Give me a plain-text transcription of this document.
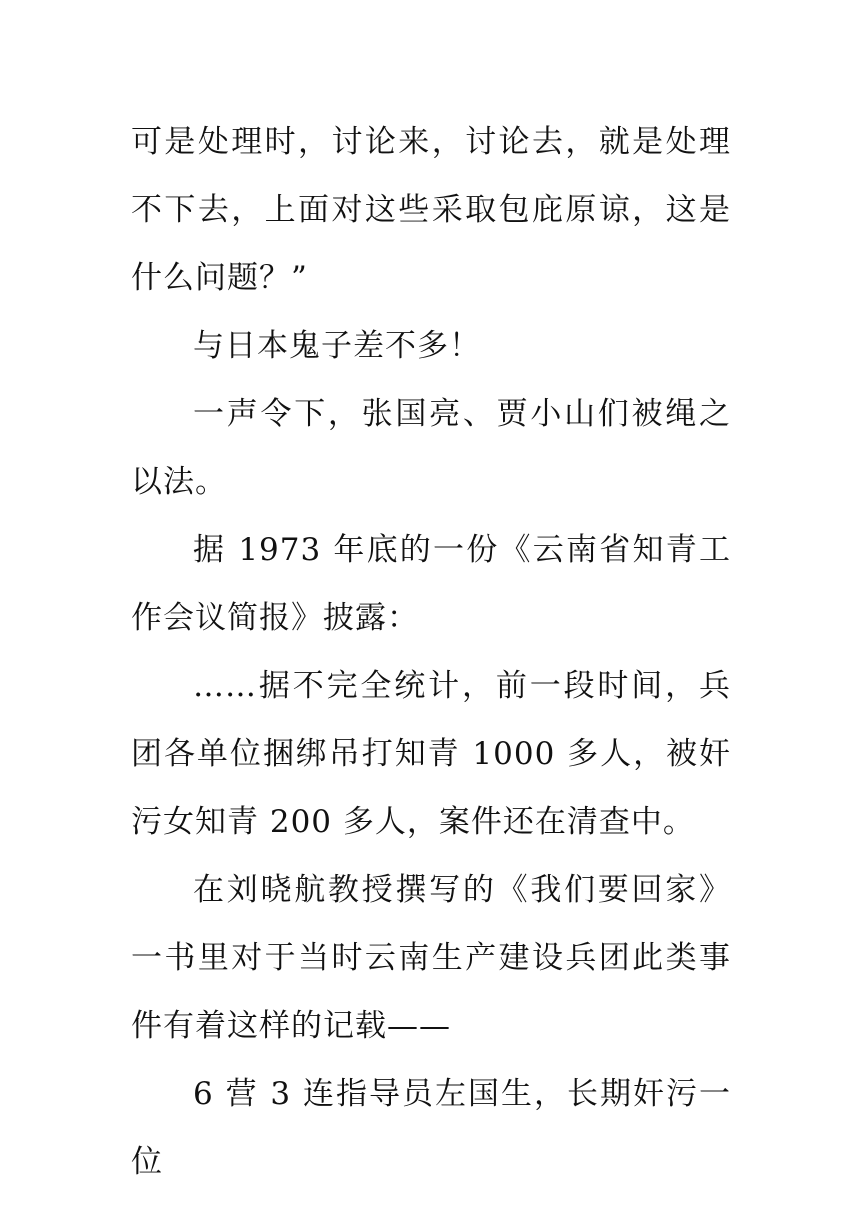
可是处理时，讨论来，讨论去，就是处理不下去，上面对这些采取包庇原谅，这是什么问题？”

与日本鬼子差不多！

一声令下，张国亮、贾小山们被绳之以法。

据 1973 年底的一份《云南省知青工作会议简报》披露：

……据不完全统计，前一段时间，兵团各单位捆绑吊打知青 1000 多人，被奸污女知青 200 多人，案件还在清查中。

在刘晓航教授撰写的《我们要回家》一书里对于当时云南生产建设兵团此类事件有着这样的记载——

6 营 3 连指导员左国生，长期奸污一位
